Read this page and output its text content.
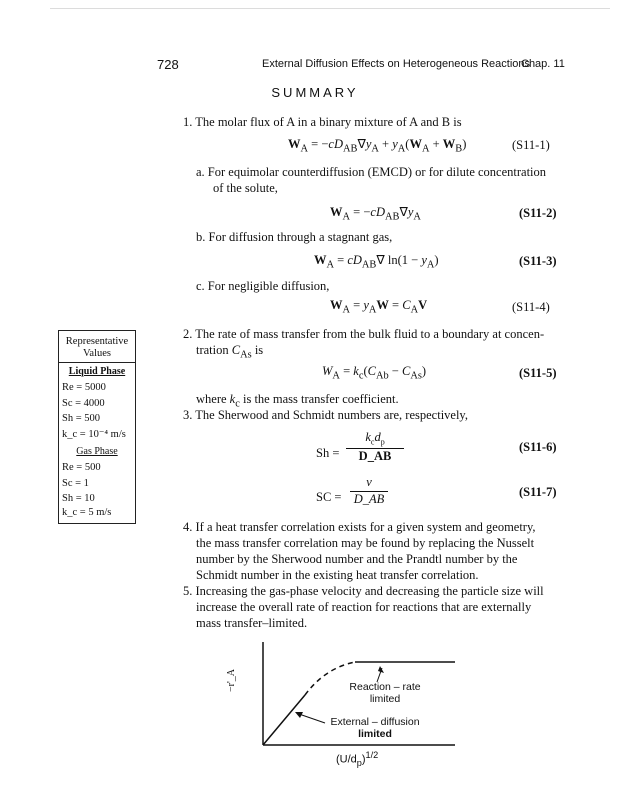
728	External Diffusion Effects on Heterogeneous Reactions
Chap. 11
SUMMARY
1. The molar flux of A in a binary mixture of A and B is
$W_A = -cD_{AB}\nabla y_A + y_A(W_A + W_B)$	(S11-1)
a. For equimolar counterdiffusion (EMCD) or for dilute concentration
of the solute,
$W_A = -cD_{AB}\nabla y_A$	(S11-2)
b. For diffusion through a stagnant gas,
$W_A = cD_{AB}\nabla$ $\ln(1 - y_A)$	(S11-3)
c. For negligible diffusion,
$W_A = y_AW = C_AV$	(S11-4)
2. The rate of mass transfer from the bulk fluid to a boundary at concen-
tration $C_{As}$ is
$W_A = k_c(C_{Ab} - C_{As})$	(S11-5)
where $k_c$ is the mass transfer coefficient.
3. The Sherwood and Schmidt numbers are, respectively,
Sh =
$k_cd_p$
D_AB
(S11-6)
SC =
ν
D_AB	(S11-7)
4. If a heat transfer correlation exists for a given system and geometry,
the mass transfer correlation may be found by replacing the Nusselt
number by the Sherwood number and the Prandtl number by the
Schmidt number in the existing heat transfer correlation.
5. Increasing the gas-phase velocity and decreasing the particle size will
increase the overall rate of reaction for reactions that are externally
mass transfer–limited.
Representative
Values
Liquid Phase
Re = 5000
Sc = 4000
Sh = 500
k_c = 10⁻⁴ m/s
Gas Phase
Re = 500
Sc = 1
Sh = 10
k_c = 5 m/s
Reaction – rate
limited
External – diffusion
limited
$(U/d_p)^{1/2}$
−r'_A
